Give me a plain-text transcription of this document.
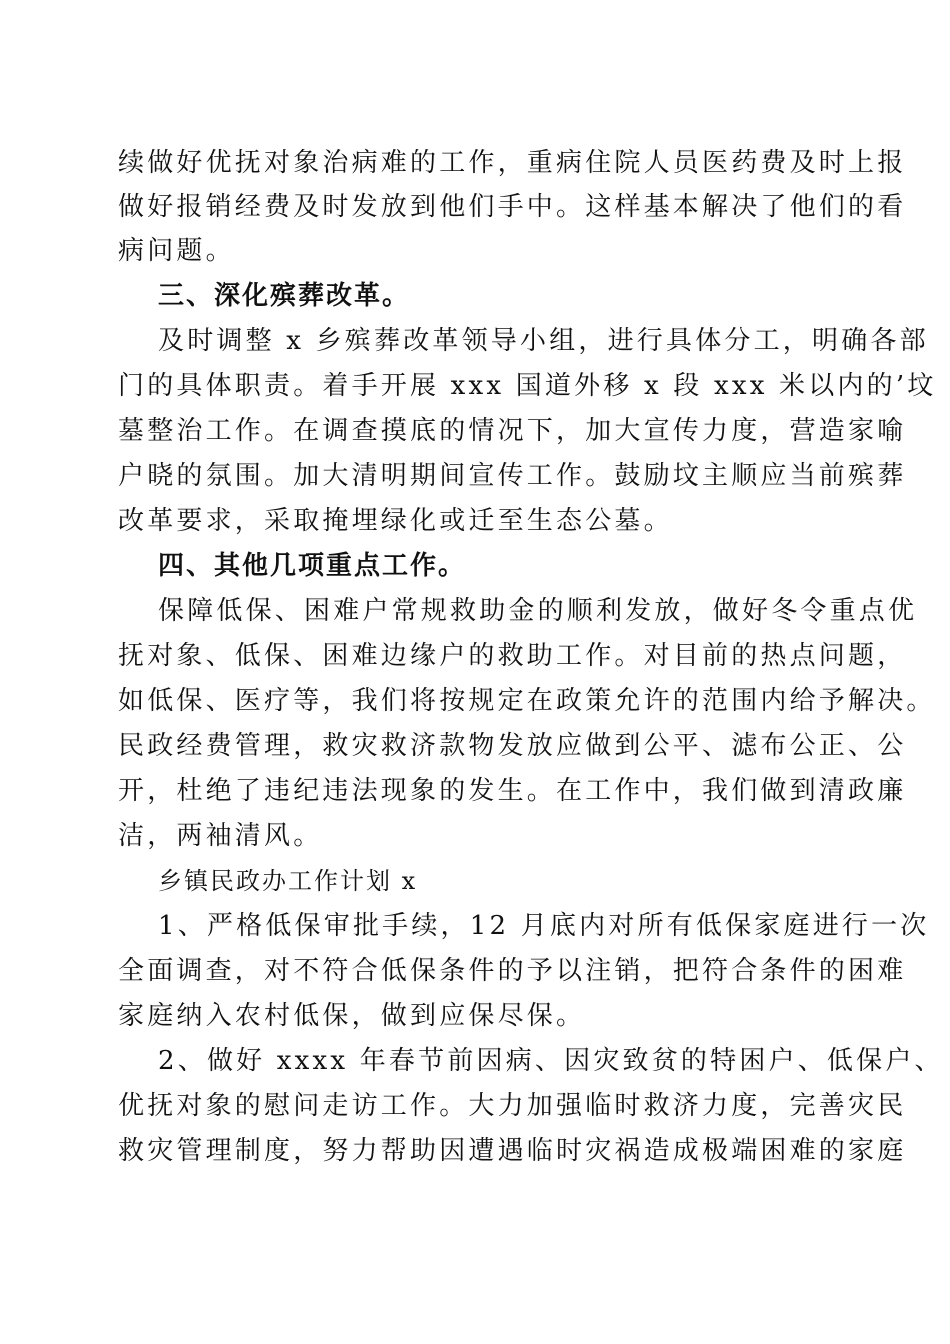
续做好优抚对象治病难的工作，重病住院人员医药费及时上报
做好报销经费及时发放到他们手中。这样基本解决了他们的看
病问题。
三、深化殡葬改革。
及时调整 x 乡殡葬改革领导小组，进行具体分工，明确各部
门的具体职责。着手开展 xxx 国道外移 x 段 xxx 米以内的’坟
墓整治工作。在调查摸底的情况下，加大宣传力度，营造家喻
户晓的氛围。加大清明期间宣传工作。鼓励坟主顺应当前殡葬
改革要求，采取掩埋绿化或迁至生态公墓。
四、其他几项重点工作。
保障低保、困难户常规救助金的顺利发放，做好冬令重点优
抚对象、低保、困难边缘户的救助工作。对目前的热点问题，
如低保、医疗等，我们将按规定在政策允许的范围内给予解决。
民政经费管理，救灾救济款物发放应做到公平、滤布公正、公
开，杜绝了违纪违法现象的发生。在工作中，我们做到清政廉
洁，两袖清风。
乡镇民政办工作计划 x
1、严格低保审批手续，12 月底内对所有低保家庭进行一次
全面调查，对不符合低保条件的予以注销，把符合条件的困难
家庭纳入农村低保，做到应保尽保。
2、做好 xxxx 年春节前因病、因灾致贫的特困户、低保户、
优抚对象的慰问走访工作。大力加强临时救济力度，完善灾民
救灾管理制度，努力帮助因遭遇临时灾祸造成极端困难的家庭
